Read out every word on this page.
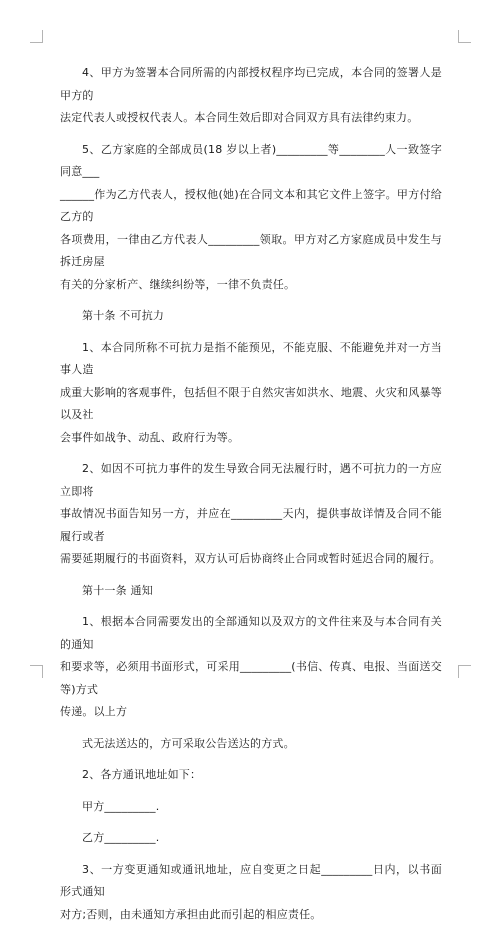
4、甲方为签署本合同所需的内部授权程序均已完成，本合同的签署人是甲方的

法定代表人或授权代表人。本合同生效后即对合同双方具有法律约束力。

5、乙方家庭的全部成员(18 岁以上者)_________等________人一致签字同意___

______作为乙方代表人，授权他(她)在合同文本和其它文件上签字。甲方付给乙方的

各项费用，一律由乙方代表人_________领取。甲方对乙方家庭成员中发生与拆迁房屋

有关的分家析产、继续纠纷等，一律不负责任。

第十条 不可抗力

1、本合同所称不可抗力是指不能预见，不能克服、不能避免并对一方当事人造

成重大影响的客观事件，包括但不限于自然灾害如洪水、地震、火灾和风暴等以及社

会事件如战争、动乱、政府行为等。

2、如因不可抗力事件的发生导致合同无法履行时，遇不可抗力的一方应立即将

事故情况书面告知另一方，并应在_________天内，提供事故详情及合同不能履行或者

需要延期履行的书面资料，双方认可后协商终止合同或暂时延迟合同的履行。

第十一条 通知

1、根据本合同需要发出的全部通知以及双方的文件往来及与本合同有关的通知

和要求等，必须用书面形式，可采用_________(书信、传真、电报、当面送交等)方式

传递。以上方

式无法送达的，方可采取公告送达的方式。

2、各方通讯地址如下：

甲方_________.

乙方_________.

3、一方变更通知或通讯地址，应自变更之日起_________日内，以书面形式通知

对方;否则，由未通知方承担由此而引起的相应责任。
